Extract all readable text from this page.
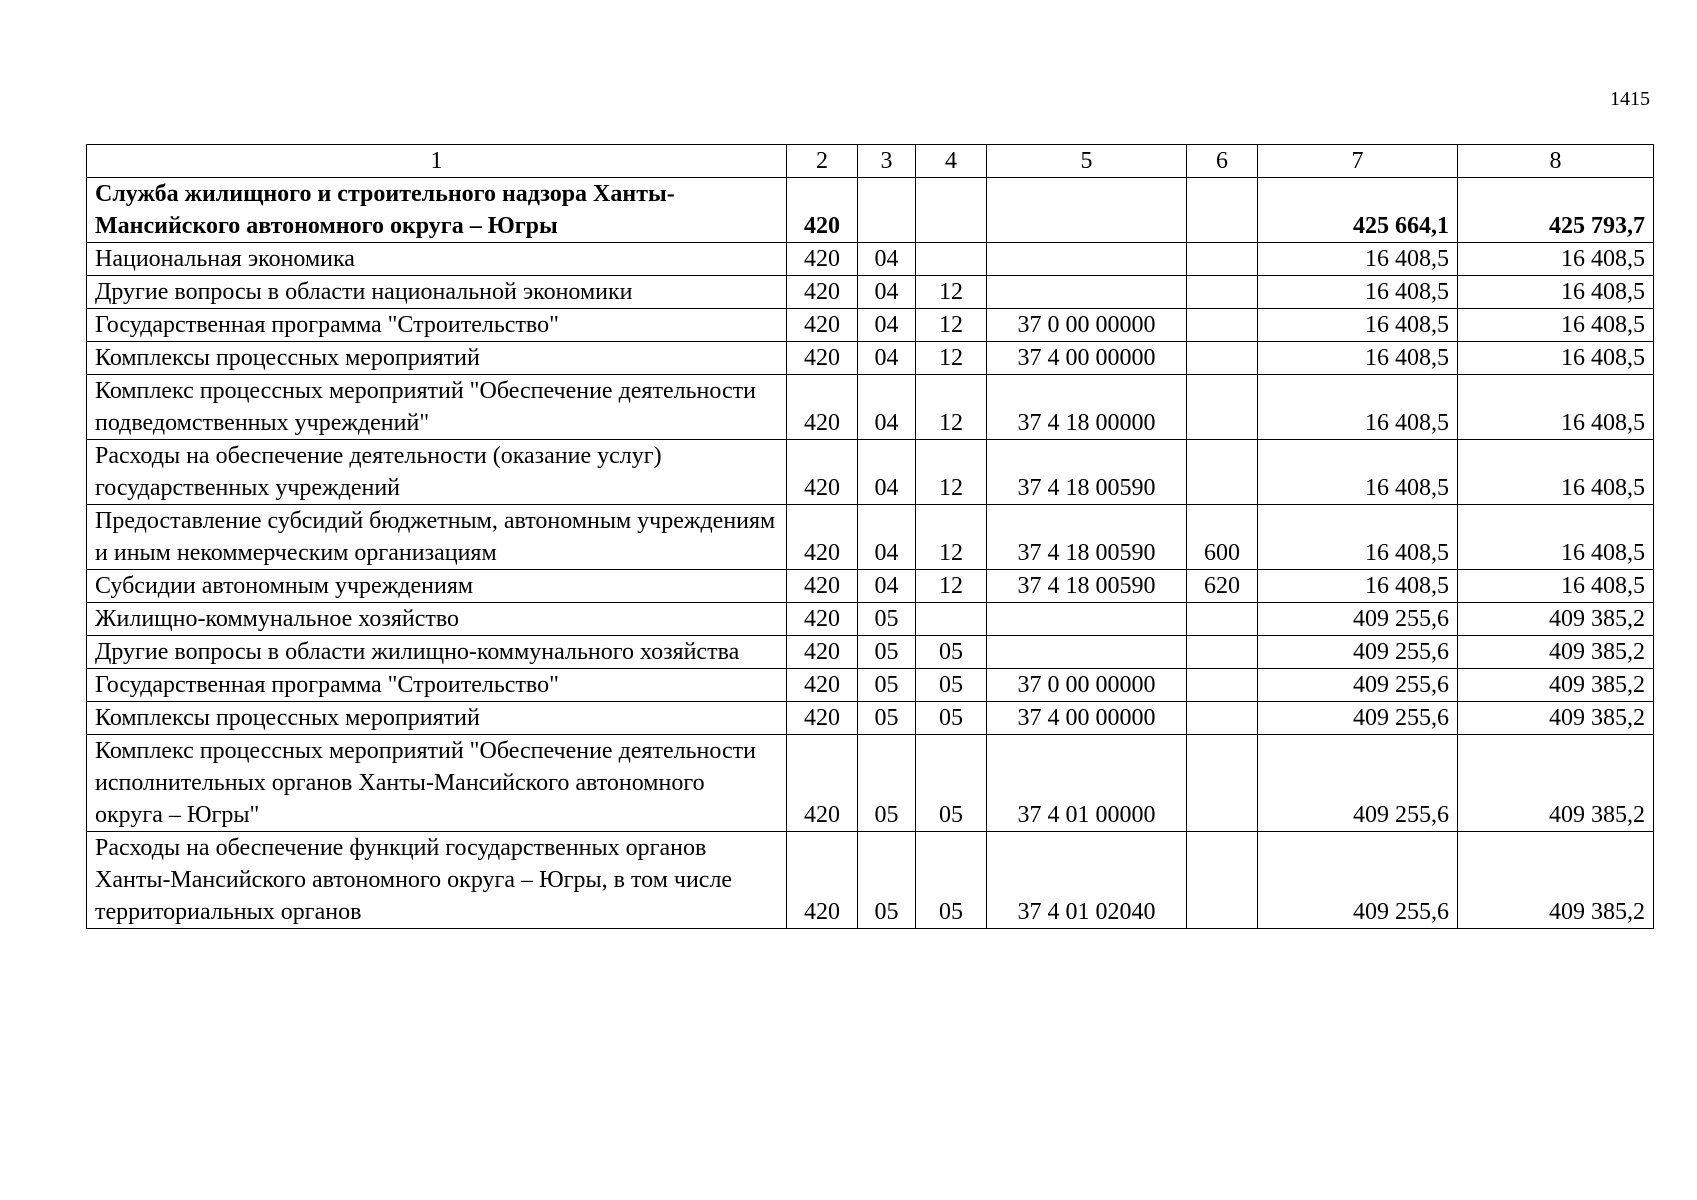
1415
1	2	3	4	5	6	7	8
Служба жилищного и строительного надзора Ханты-Мансийского автономного округа – Югры	420					425 664,1	425 793,7
Национальная экономика	420	04				16 408,5	16 408,5
Другие вопросы в области национальной экономики	420	04	12			16 408,5	16 408,5
Государственная программа "Строительство"	420	04	12	37 0 00 00000		16 408,5	16 408,5
Комплексы процессных мероприятий	420	04	12	37 4 00 00000		16 408,5	16 408,5
Комплекс процессных мероприятий "Обеспечение деятельности подведомственных учреждений"	420	04	12	37 4 18 00000		16 408,5	16 408,5
Расходы на обеспечение деятельности (оказание услуг) государственных учреждений	420	04	12	37 4 18 00590		16 408,5	16 408,5
Предоставление субсидий бюджетным, автономным учреждениям и иным некоммерческим организациям	420	04	12	37 4 18 00590	600	16 408,5	16 408,5
Субсидии автономным учреждениям	420	04	12	37 4 18 00590	620	16 408,5	16 408,5
Жилищно-коммунальное хозяйство	420	05				409 255,6	409 385,2
Другие вопросы в области жилищно-коммунального хозяйства	420	05	05			409 255,6	409 385,2
Государственная программа "Строительство"	420	05	05	37 0 00 00000		409 255,6	409 385,2
Комплексы процессных мероприятий	420	05	05	37 4 00 00000		409 255,6	409 385,2
Комплекс процессных мероприятий "Обеспечение деятельности исполнительных органов Ханты-Мансийского автономного округа – Югры"	420	05	05	37 4 01 00000		409 255,6	409 385,2
Расходы на обеспечение функций государственных органов Ханты-Мансийского автономного округа – Югры, в том числе территориальных органов	420	05	05	37 4 01 02040		409 255,6	409 385,2
